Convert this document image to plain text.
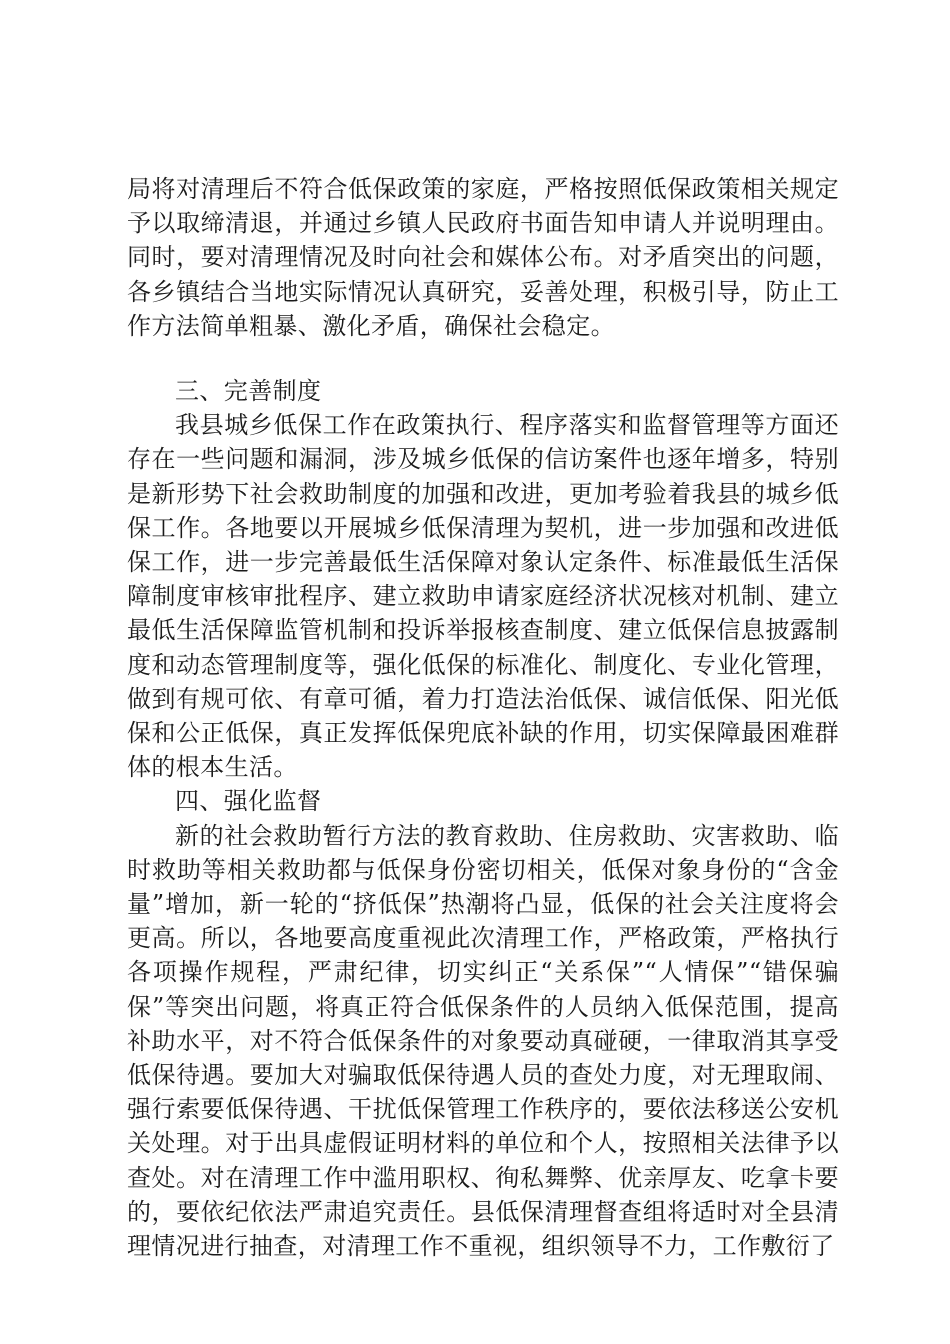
局将对清理后不符合低保政策的家庭，严格按照低保政策相关规定予以取缔清退，并通过乡镇人民政府书面告知申请人并说明理由。同时，要对清理情况及时向社会和媒体公布。对矛盾突出的问题，各乡镇结合当地实际情况认真研究，妥善处理，积极引导，防止工作方法简单粗暴、激化矛盾，确保社会稳定。

三、完善制度

我县城乡低保工作在政策执行、程序落实和监督管理等方面还存在一些问题和漏洞，涉及城乡低保的信访案件也逐年增多，特别是新形势下社会救助制度的加强和改进，更加考验着我县的城乡低保工作。各地要以开展城乡低保清理为契机，进一步加强和改进低保工作，进一步完善最低生活保障对象认定条件、标准最低生活保障制度审核审批程序、建立救助申请家庭经济状况核对机制、建立最低生活保障监管机制和投诉举报核查制度、建立低保信息披露制度和动态管理制度等，强化低保的标准化、制度化、专业化管理，做到有规可依、有章可循，着力打造法治低保、诚信低保、阳光低保和公正低保，真正发挥低保兜底补缺的作用，切实保障最困难群体的根本生活。

四、强化监督

新的社会救助暂行方法的教育救助、住房救助、灾害救助、临时救助等相关救助都与低保身份密切相关，低保对象身份的“含金量”增加，新一轮的“挤低保”热潮将凸显，低保的社会关注度将会更高。所以，各地要高度重视此次清理工作，严格政策，严格执行各项操作规程，严肃纪律，切实纠正“关系保”“人情保”“错保骗保”等突出问题，将真正符合低保条件的人员纳入低保范围，提高补助水平，对不符合低保条件的对象要动真碰硬，一律取消其享受低保待遇。要加大对骗取低保待遇人员的查处力度，对无理取闹、强行索要低保待遇、干扰低保管理工作秩序的，要依法移送公安机关处理。对于出具虚假证明材料的单位和个人，按照相关法律予以查处。对在清理工作中滥用职权、徇私舞弊、优亲厚友、吃拿卡要的，要依纪依法严肃追究责任。县低保清理督查组将适时对全县清理情况进行抽查，对清理工作不重视，组织领导不力，工作敷衍了
